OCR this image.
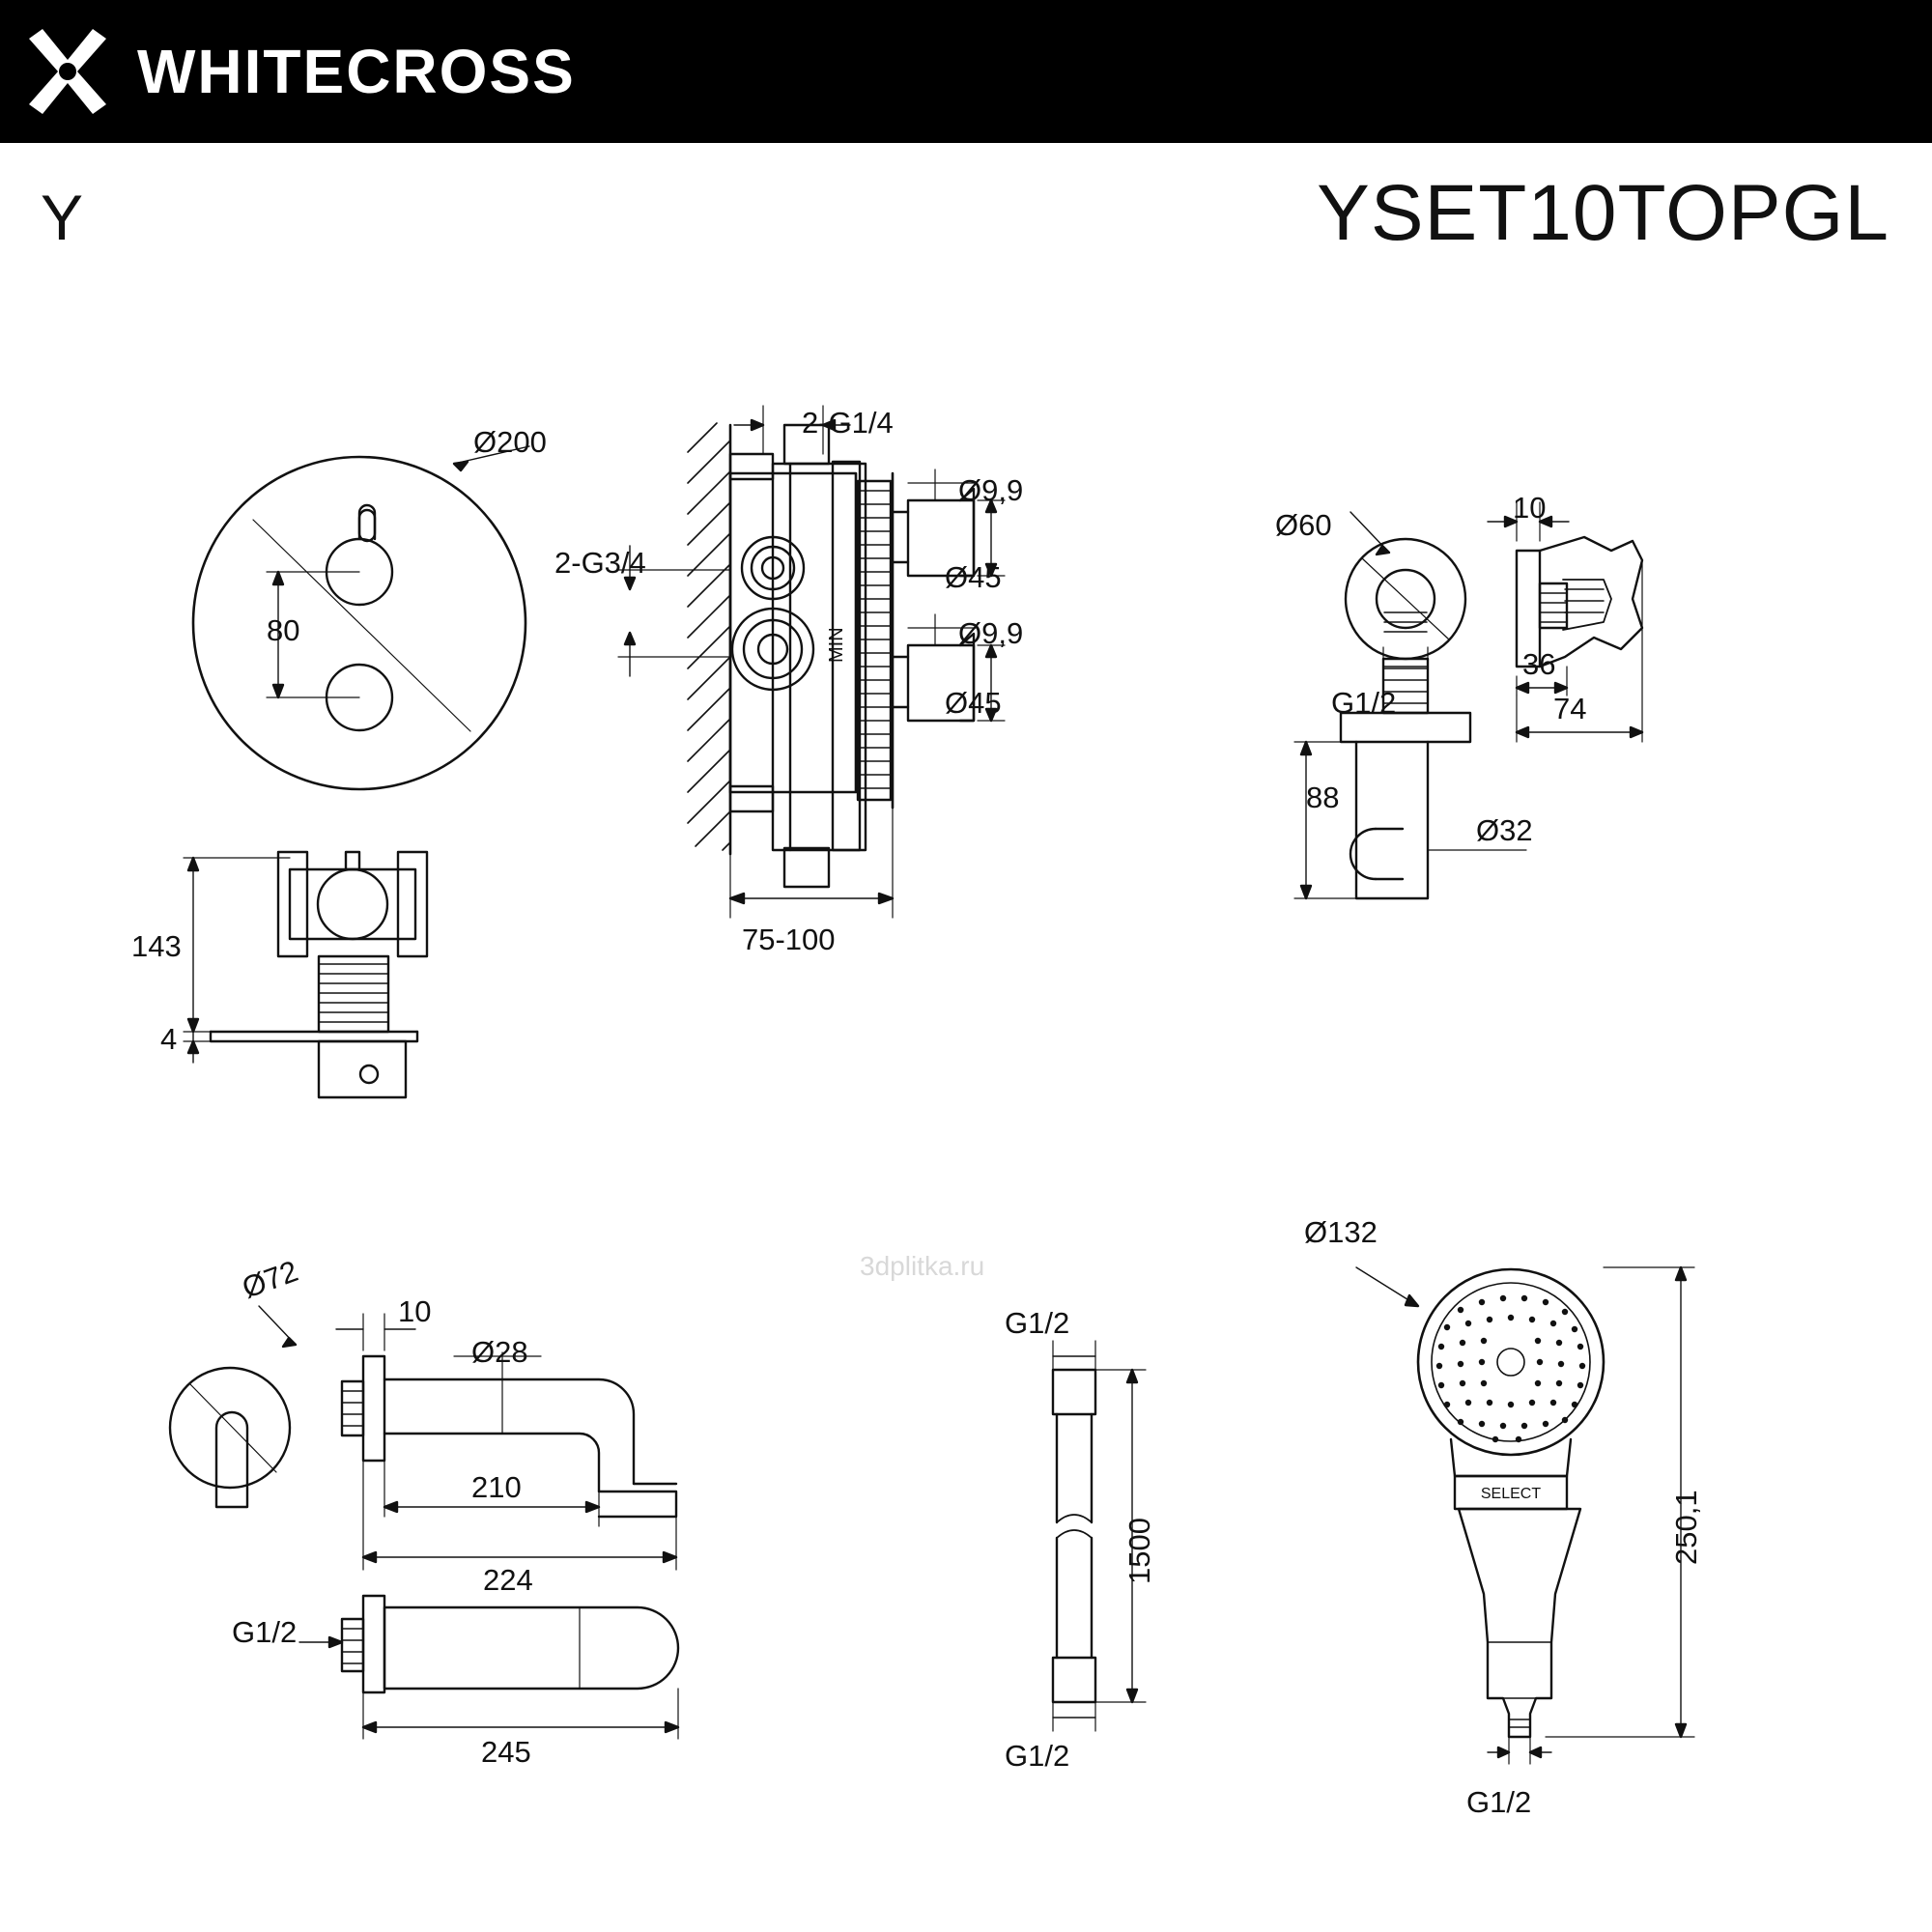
WHITECROSS
Y	YSET10TOPGL
MIN
SELECT
Ø200
80
2-G1/4
2-G3/4
Ø9,9
Ø45
Ø9,9
Ø45
75-100
143
4
Ø60
10
G1/2
36
74
88
Ø32
Ø72
10
Ø28
210
224
G1/2
245
G1/2
1500
G1/2
Ø132
250,1
G1/2
3dplitka.ru
